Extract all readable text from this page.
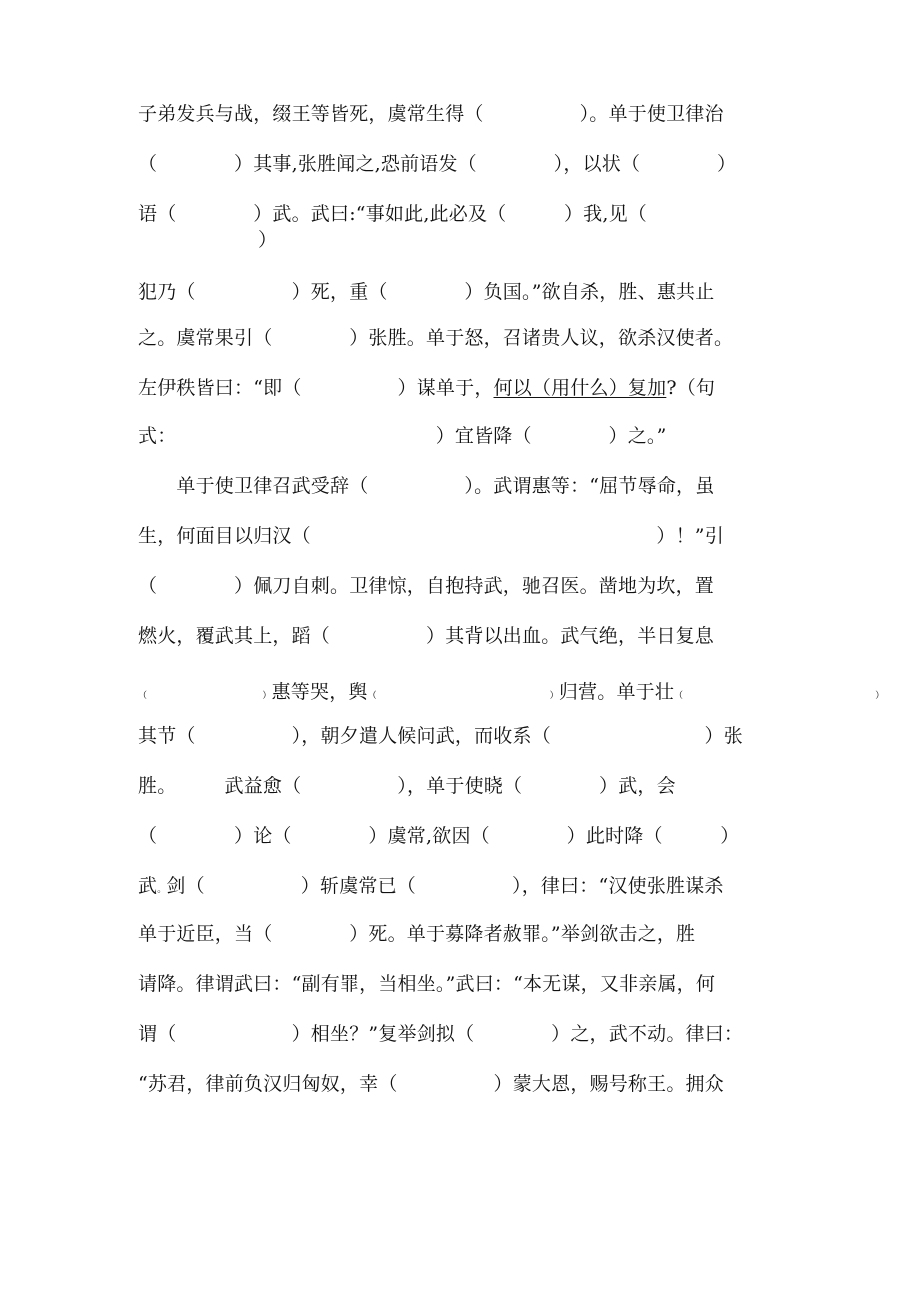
子弟发兵与战，缀王等皆死，虞常生得（　　　　　）。单于使卫律治
（　　　　）其事,张胜闻之,恐前语发（　　　　），以状（　　　　）
语（　　　　）武。武曰:“事如此,此必及（　　　）我,见（
）
犯乃（　　　　　）死，重（　　　　）负国。”欲自杀，胜、惠共止
之。虞常果引（　　　　）张胜。单于怒，召诸贵人议，欲杀汉使者。
左伊秩皆曰：“即（　　　　　）谋单于，何以（用什么）复加?（句
式：　　　　　　　　　　　　　　）宜皆降（　　　　）之。”
　　单于使卫律召武受辞（　　　　　）。武谓惠等：“屈节辱命，虽
生，何面目以归汉（　　　　　　　　　　　　　　　　　　）！”引
（　　　　）佩刀自刺。卫律惊，自抱持武，驰召医。凿地为坎，置
燃火，覆武其上，蹈（　　　　　）其背以出血。武气绝，半日复息
（　　　　　　	）惠等哭，舆（　　　　　　　　　	）归营。单于壮（　　　　　　　　　　	）
其节（　　　　　），朝夕遣人候问武，而收系（　　　　　　　　）张
胜。　　　武益愈（　　　　　），单于使晓（　　　　）武，会
（　　　　）论（　　　　）虞常,欲因（　　　　）此时降（　　　）
武。剑（　　　　　）斩虞常已（　　　　　），律曰：“汉使张胜谋杀
单于近臣，当（　　　　）死。单于募降者赦罪。”举剑欲击之，胜
请降。律谓武曰：“副有罪，当相坐。”武曰：“本无谋，又非亲属，何
谓（　　　　　　）相坐？”复举剑拟（　　　　）之，武不动。律曰：
“苏君，律前负汉归匈奴，幸（　　　　　）蒙大恩，赐号称王。拥众
